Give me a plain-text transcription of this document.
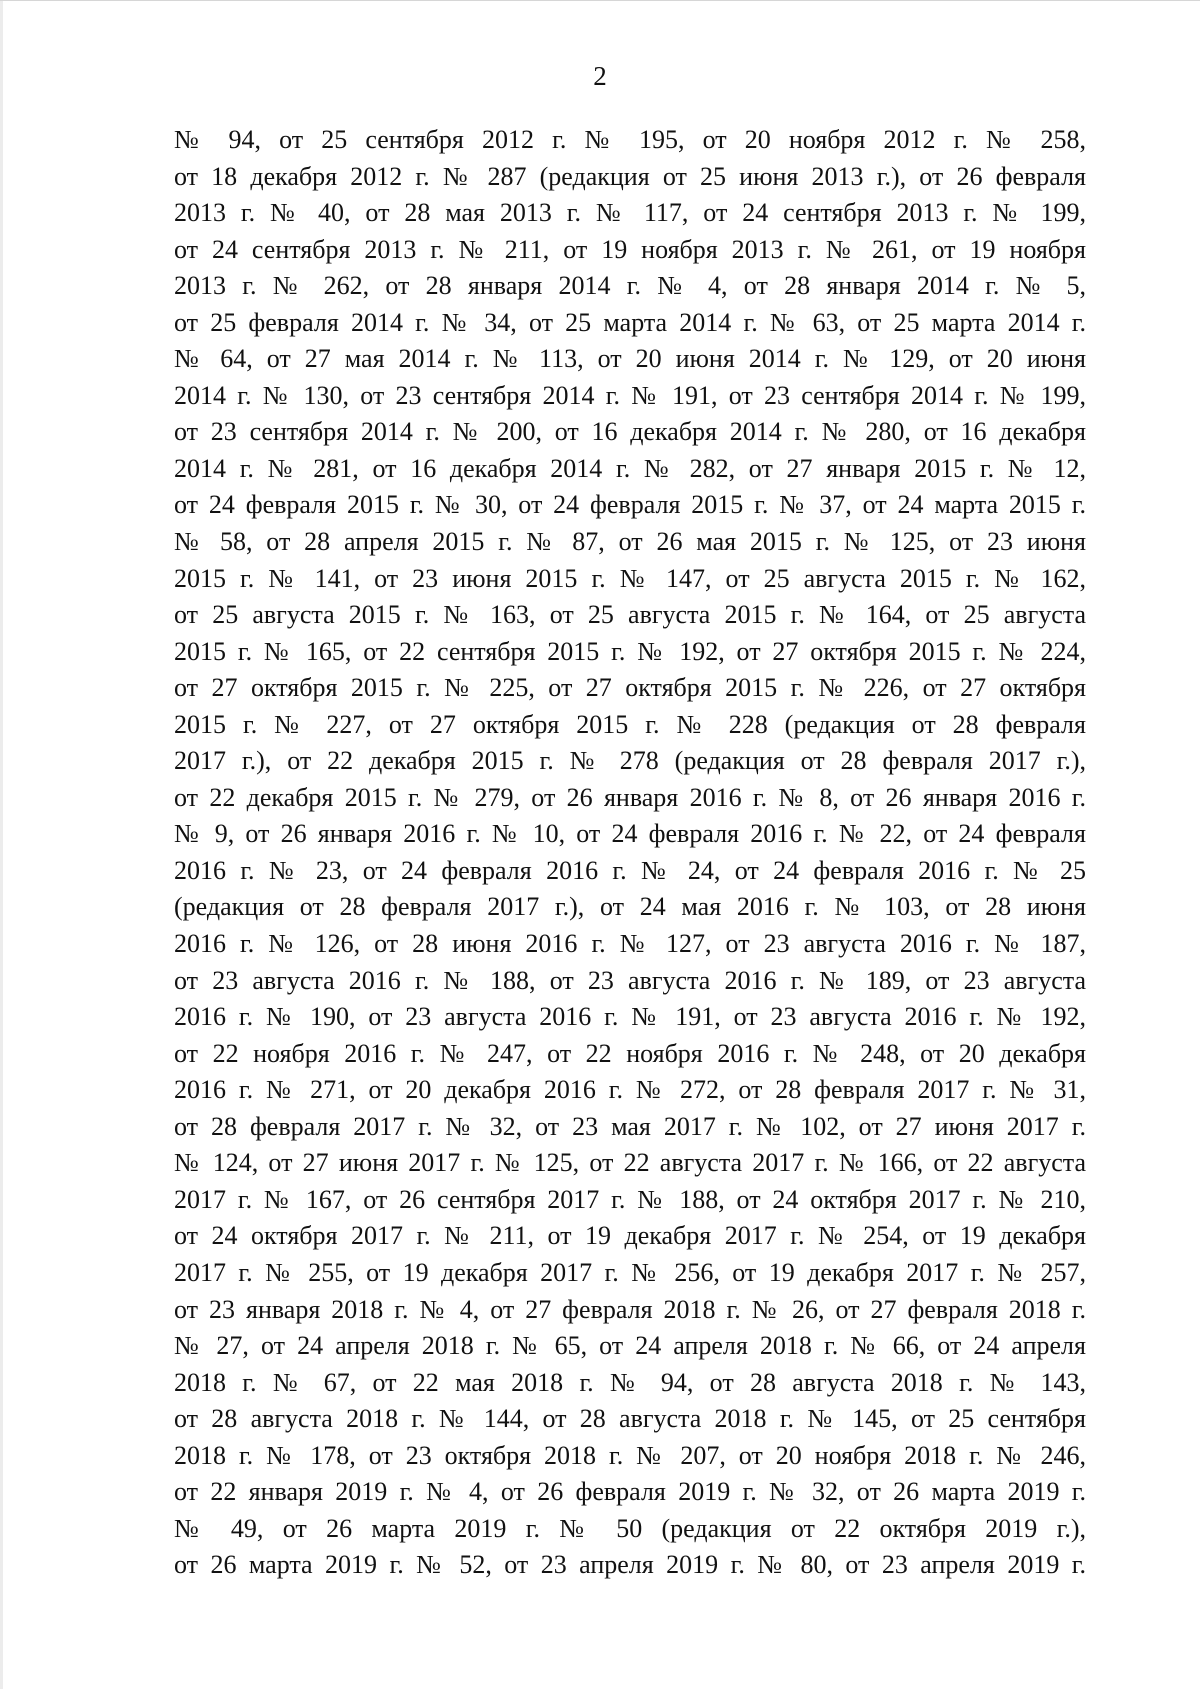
2
№ 94, от 25 сентября 2012 г. № 195, от 20 ноября 2012 г. № 258,
от 18 декабря 2012 г. № 287 (редакция от 25 июня 2013 г.), от 26 февраля
2013 г. № 40, от 28 мая 2013 г. № 117, от 24 сентября 2013 г. № 199,
от 24 сентября 2013 г. № 211, от 19 ноября 2013 г. № 261, от 19 ноября
2013 г. № 262, от 28 января 2014 г. № 4, от 28 января 2014 г. № 5,
от 25 февраля 2014 г. № 34, от 25 марта 2014 г. № 63, от 25 марта 2014 г.
№ 64, от 27 мая 2014 г. № 113, от 20 июня 2014 г. № 129, от 20 июня
2014 г. № 130, от 23 сентября 2014 г. № 191, от 23 сентября 2014 г. № 199,
от 23 сентября 2014 г. № 200, от 16 декабря 2014 г. № 280, от 16 декабря
2014 г. № 281, от 16 декабря 2014 г. № 282, от 27 января 2015 г. № 12,
от 24 февраля 2015 г. № 30, от 24 февраля 2015 г. № 37, от 24 марта 2015 г.
№ 58, от 28 апреля 2015 г. № 87, от 26 мая 2015 г. № 125, от 23 июня
2015 г. № 141, от 23 июня 2015 г. № 147, от 25 августа 2015 г. № 162,
от 25 августа 2015 г. № 163, от 25 августа 2015 г. № 164, от 25 августа
2015 г. № 165, от 22 сентября 2015 г. № 192, от 27 октября 2015 г. № 224,
от 27 октября 2015 г. № 225, от 27 октября 2015 г. № 226, от 27 октября
2015 г. № 227, от 27 октября 2015 г. № 228 (редакция от 28 февраля
2017 г.), от 22 декабря 2015 г. № 278 (редакция от 28 февраля 2017 г.),
от 22 декабря 2015 г. № 279, от 26 января 2016 г. № 8, от 26 января 2016 г.
№ 9, от 26 января 2016 г. № 10, от 24 февраля 2016 г. № 22, от 24 февраля
2016 г. № 23, от 24 февраля 2016 г. № 24, от 24 февраля 2016 г. № 25
(редакция от 28 февраля 2017 г.), от 24 мая 2016 г. № 103, от 28 июня
2016 г. № 126, от 28 июня 2016 г. № 127, от 23 августа 2016 г. № 187,
от 23 августа 2016 г. № 188, от 23 августа 2016 г. № 189, от 23 августа
2016 г. № 190, от 23 августа 2016 г. № 191, от 23 августа 2016 г. № 192,
от 22 ноября 2016 г. № 247, от 22 ноября 2016 г. № 248, от 20 декабря
2016 г. № 271, от 20 декабря 2016 г. № 272, от 28 февраля 2017 г. № 31,
от 28 февраля 2017 г. № 32, от 23 мая 2017 г. № 102, от 27 июня 2017 г.
№ 124, от 27 июня 2017 г. № 125, от 22 августа 2017 г. № 166, от 22 августа
2017 г. № 167, от 26 сентября 2017 г. № 188, от 24 октября 2017 г. № 210,
от 24 октября 2017 г. № 211, от 19 декабря 2017 г. № 254, от 19 декабря
2017 г. № 255, от 19 декабря 2017 г. № 256, от 19 декабря 2017 г. № 257,
от 23 января 2018 г. № 4, от 27 февраля 2018 г. № 26, от 27 февраля 2018 г.
№ 27, от 24 апреля 2018 г. № 65, от 24 апреля 2018 г. № 66, от 24 апреля
2018 г. № 67, от 22 мая 2018 г. № 94, от 28 августа 2018 г. № 143,
от 28 августа 2018 г. № 144, от 28 августа 2018 г. № 145, от 25 сентября
2018 г. № 178, от 23 октября 2018 г. № 207, от 20 ноября 2018 г. № 246,
от 22 января 2019 г. № 4, от 26 февраля 2019 г. № 32, от 26 марта 2019 г.
№ 49, от 26 марта 2019 г. № 50 (редакция от 22 октября 2019 г.),
от 26 марта 2019 г. № 52, от 23 апреля 2019 г. № 80, от 23 апреля 2019 г.
